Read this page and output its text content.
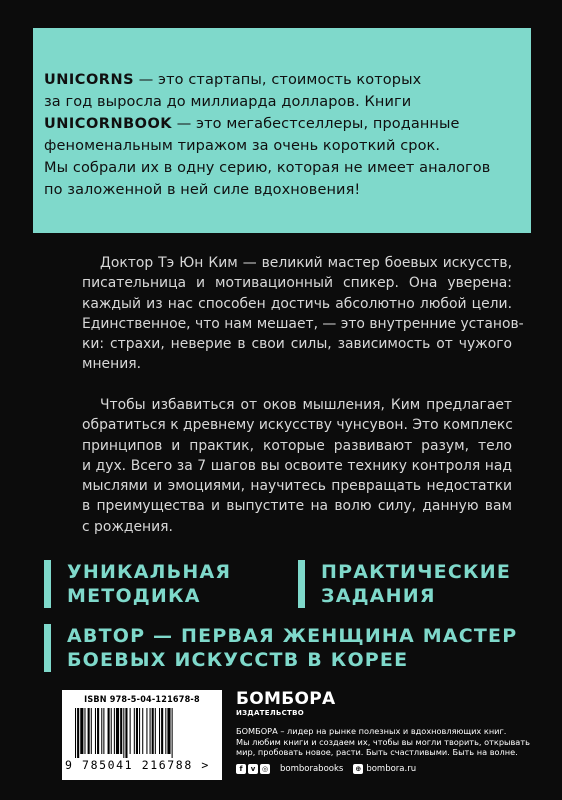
UNICORNS — это стартапы, стоимость которых
за год выросла до миллиарда долларов. Книги
UNICORNBOOK — это мегабестселлеры, проданные
феноменальным тиражом за очень короткий срок.
Мы собрали их в одну серию, которая не имеет аналогов
по заложенной в ней силе вдохновения!
Доктор Тэ Юн Ким — великий мастер боевых искусств,
писательница и мотивационный спикер. Она уверена:
каждый из нас способен достичь абсолютно любой цели.
Единственное, что нам мешает, — это внутренние установ-
ки: страхи, неверие в свои силы, зависимость от чужого
мнения.
Чтобы избавиться от оков мышления, Ким предлагает
обратиться к древнему искусству чунсувон. Это комплекс
принципов и практик, которые развивают разум, тело
и дух. Всего за 7 шагов вы освоите технику контроля над
мыслями и эмоциями, научитесь превращать недостатки
в преимущества и выпустите на волю силу, данную вам
с рождения.
УНИКАЛЬНАЯ
МЕТОДИКА
ПРАКТИЧЕСКИЕ
ЗАДАНИЯ
АВТОР — ПЕРВАЯ ЖЕНЩИНА МАСТЕР
БОЕВЫХ ИСКУССТВ В КОРЕЕ
ISBN 978-5-04-121678-8
9 785041 216788 >
БОМБОРА
ИЗДАТЕЛЬСТВО
БОМБОРА – лидер на рынке полезных и вдохновляющих книг.
Мы любим книги и создаем их, чтобы вы могли творить, открывать
мир, пробовать новое, расти. Быть счастливыми. Быть на волне.
f	v ◎ bomborabooks ⊕ bombora.ru
